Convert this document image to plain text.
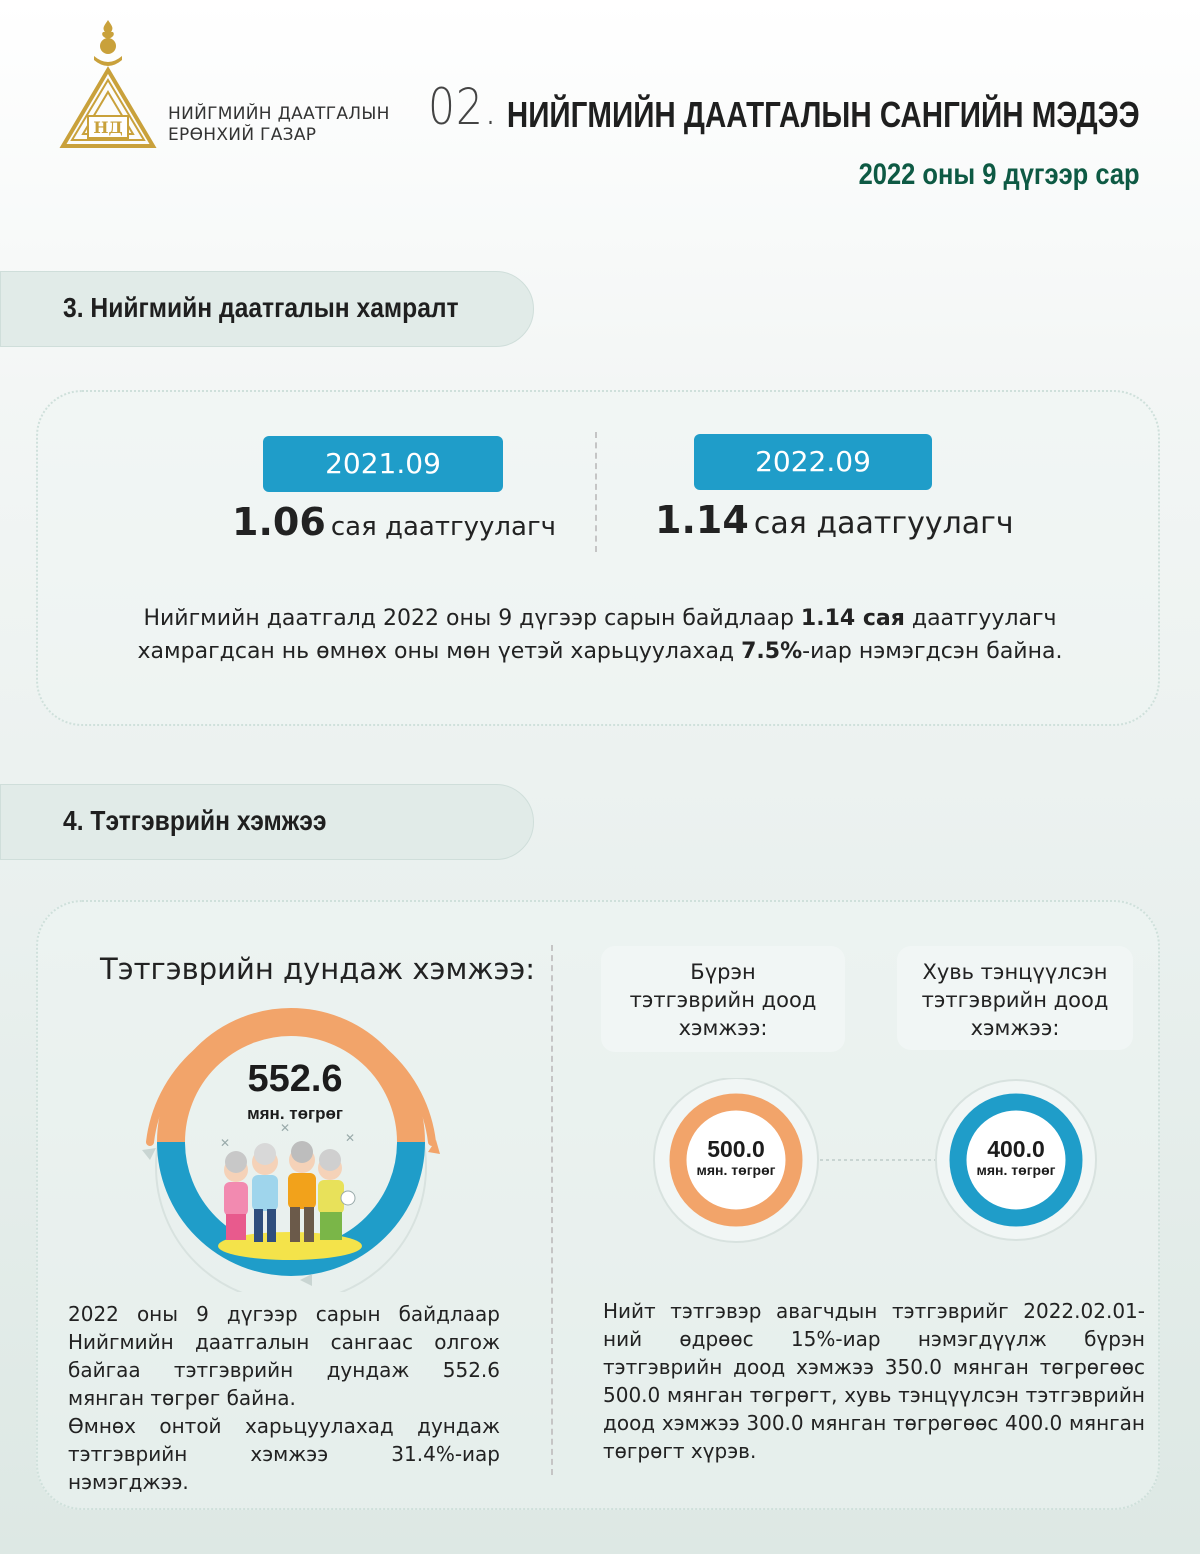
НД
НИЙГМИЙН ДААТГАЛЫН
ЕРӨНХИЙ ГАЗАР	02. НИЙГМИЙН ДААТГАЛЫН САНГИЙН МЭДЭЭ
2022 оны 9 дүгээр сар
3. Нийгмийн даатгалын хамралт
2021.09
1.06 сая даатгуулагч
2022.09
1.14 сая даатгуулагч
Нийгмийн даатгалд 2022 оны 9 дүгээр сарын байдлаар 1.14 сая даатгуулагч хамрагдсан нь өмнөх оны мөн үетэй харьцуулахад 7.5%-иар нэмэгдсэн байна.
4. Тэтгэврийн хэмжээ
Тэтгэврийн дундаж хэмжээ:
✕
✕
✕
552.6
мян. төгрөг
2022 оны 9 дүгээр сарын байдлаар Нийгмийн даатгалын сангаас олгож байгаа тэтгэврийн дундаж 552.6 мянган төгрөг байна.
Өмнөх онтой харьцуулахад дундаж тэтгэврийн хэмжээ 31.4%-иар нэмэгджээ.
Бүрэн
тэтгэврийн доод
хэмжээ:
Хувь тэнцүүлсэн
тэтгэврийн доод
хэмжээ:
500.0
мян. төгрөг
400.0
мян. төгрөг
Нийт тэтгэвэр авагчдын тэтгэврийг 2022.02.01-ний өдрөөс 15%-иар нэмэгдүүлж бүрэн тэтгэврийн доод хэмжээ 350.0 мянган төгрөгөөс 500.0 мянган төгрөгт, хувь тэнцүүлсэн тэтгэврийн доод хэмжээ 300.0 мянган төгрөгөөс 400.0 мянган төгрөгт хүрэв.
